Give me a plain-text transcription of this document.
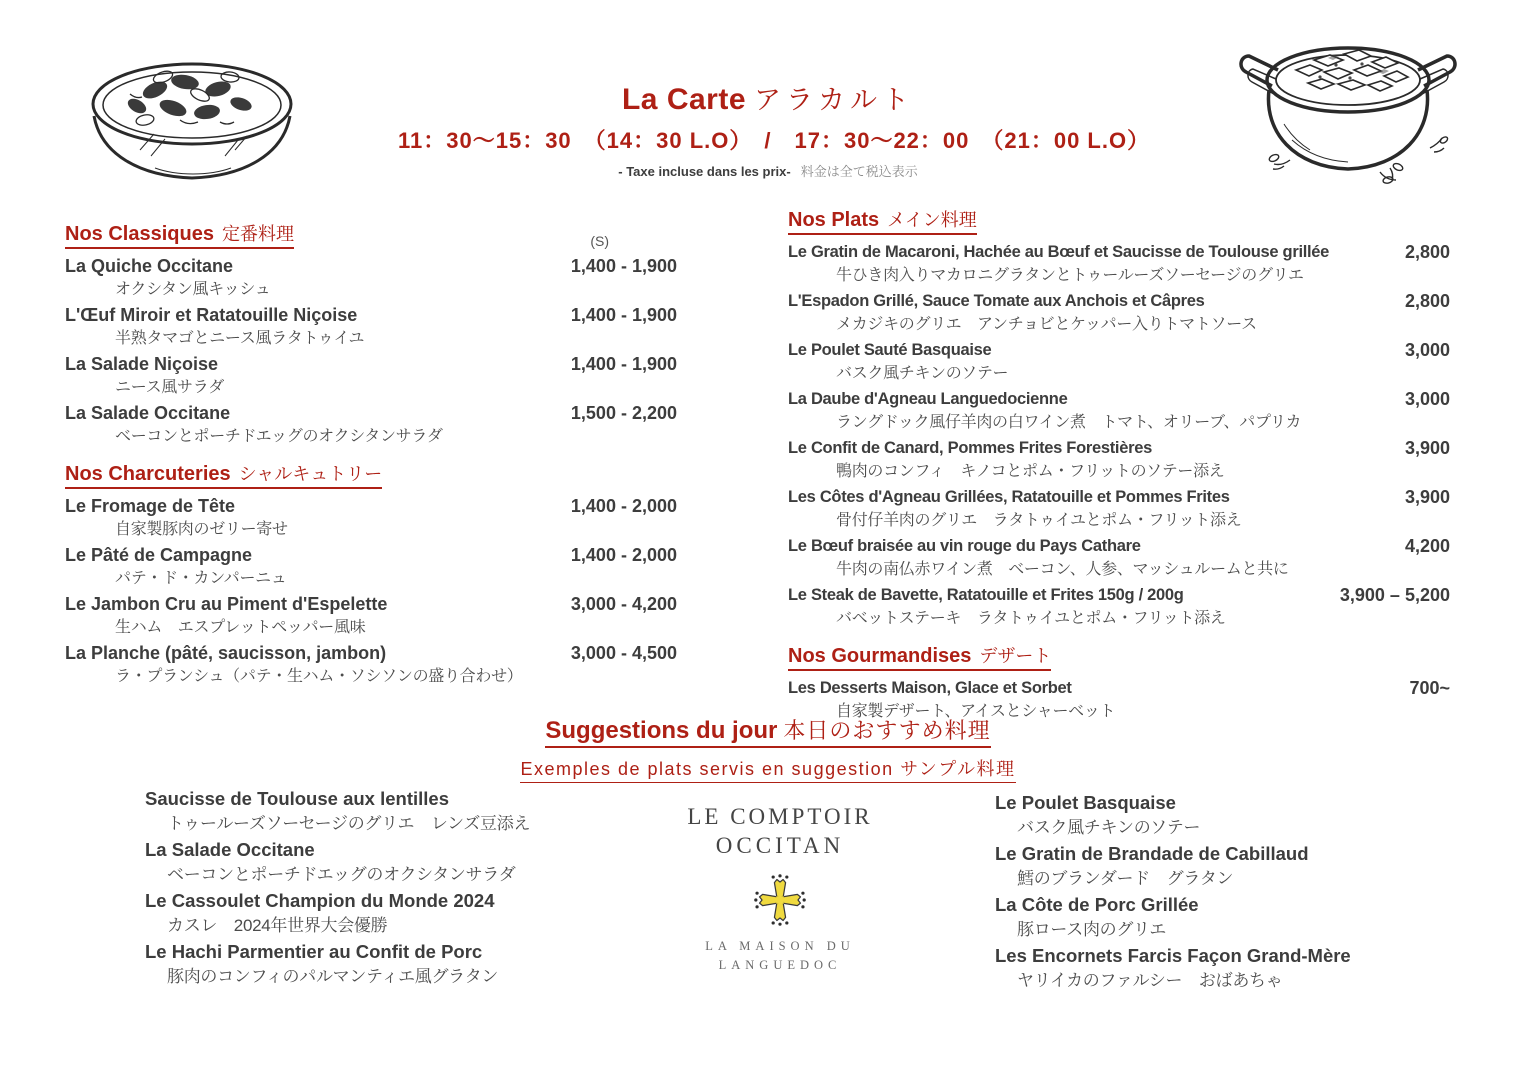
La Carte アラカルト
11：30～15：30　（14：30 L.O）　/　17：30～22：00　（21：00 L.O）
- Taxe incluse dans les prix- 料金は全て税込表示
Nos Classiques 定番料理	(S)
La Quiche Occitane
オクシタン風キッシュ
1,400 - 1,900
L'Œuf Miroir et Ratatouille Niçoise
半熟タマゴとニース風ラタトゥイユ
1,400 - 1,900
La Salade Niçoise
ニース風サラダ
1,400 - 1,900
La Salade Occitane
ベーコンとポーチドエッグのオクシタンサラダ
1,500 - 2,200
Nos Charcuteries シャルキュトリー
Le Fromage de Tête
自家製豚肉のゼリー寄せ
1,400 - 2,000
Le Pâté de Campagne
パテ・ド・カンパーニュ
1,400 - 2,000
Le Jambon Cru au Piment d'Espelette
生ハム　エスプレットペッパー風味
3,000 - 4,200
La Planche (pâté, saucisson, jambon)
ラ・プランシュ（パテ・生ハム・ソシソンの盛り合わせ）
3,000 - 4,500
Nos Plats メイン料理
Le Gratin de Macaroni, Hachée au Bœuf et Saucisse de Toulouse grillée
牛ひき肉入りマカロニグラタンとトゥールーズソーセージのグリエ
2,800
L'Espadon Grillé, Sauce Tomate aux Anchois et Câpres
メカジキのグリエ　アンチョビとケッパー入りトマトソース
2,800
Le Poulet Sauté Basquaise
バスク風チキンのソテー
3,000
La Daube d'Agneau Languedocienne
ラングドック風仔羊肉の白ワイン煮　トマト、オリーブ、パプリカ
3,000
Le Confit de Canard, Pommes Frites Forestières
鴨肉のコンフィ　キノコとポム・フリットのソテー添え
3,900
Les Côtes d'Agneau Grillées, Ratatouille et Pommes Frites
骨付仔羊肉のグリエ　ラタトゥイユとポム・フリット添え
3,900
Le Bœuf braisée au vin rouge du Pays Cathare
牛肉の南仏赤ワイン煮　ベーコン、人参、マッシュルームと共に
4,200
Le Steak de Bavette, Ratatouille et Frites 150g / 200g
バベットステーキ　ラタトゥイユとポム・フリット添え
3,900 – 5,200
Nos Gourmandises デザート
Les Desserts Maison, Glace et Sorbet
自家製デザート、アイスとシャーベット
700~
Suggestions du jour 本日のおすすめ料理
Exemples de plats servis en suggestion サンプル料理
Saucisse de Toulouse aux lentilles
トゥールーズソーセージのグリエ　レンズ豆添え
La Salade Occitane
ベーコンとポーチドエッグのオクシタンサラダ
Le Cassoulet Champion du Monde 2024
カスレ　2024年世界大会優勝
Le Hachi Parmentier au Confit de Porc
豚肉のコンフィのパルマンティエ風グラタン
LE COMPTOIR
OCCITAN
LA MAISON DU
LANGUEDOC
Le Poulet Basquaise
バスク風チキンのソテー
Le Gratin de Brandade de Cabillaud
鱈のブランダード　グラタン
La Côte de Porc Grillée
豚ロース肉のグリエ
Les Encornets Farcis Façon Grand-Mère
ヤリイカのファルシー　おばあちゃ
